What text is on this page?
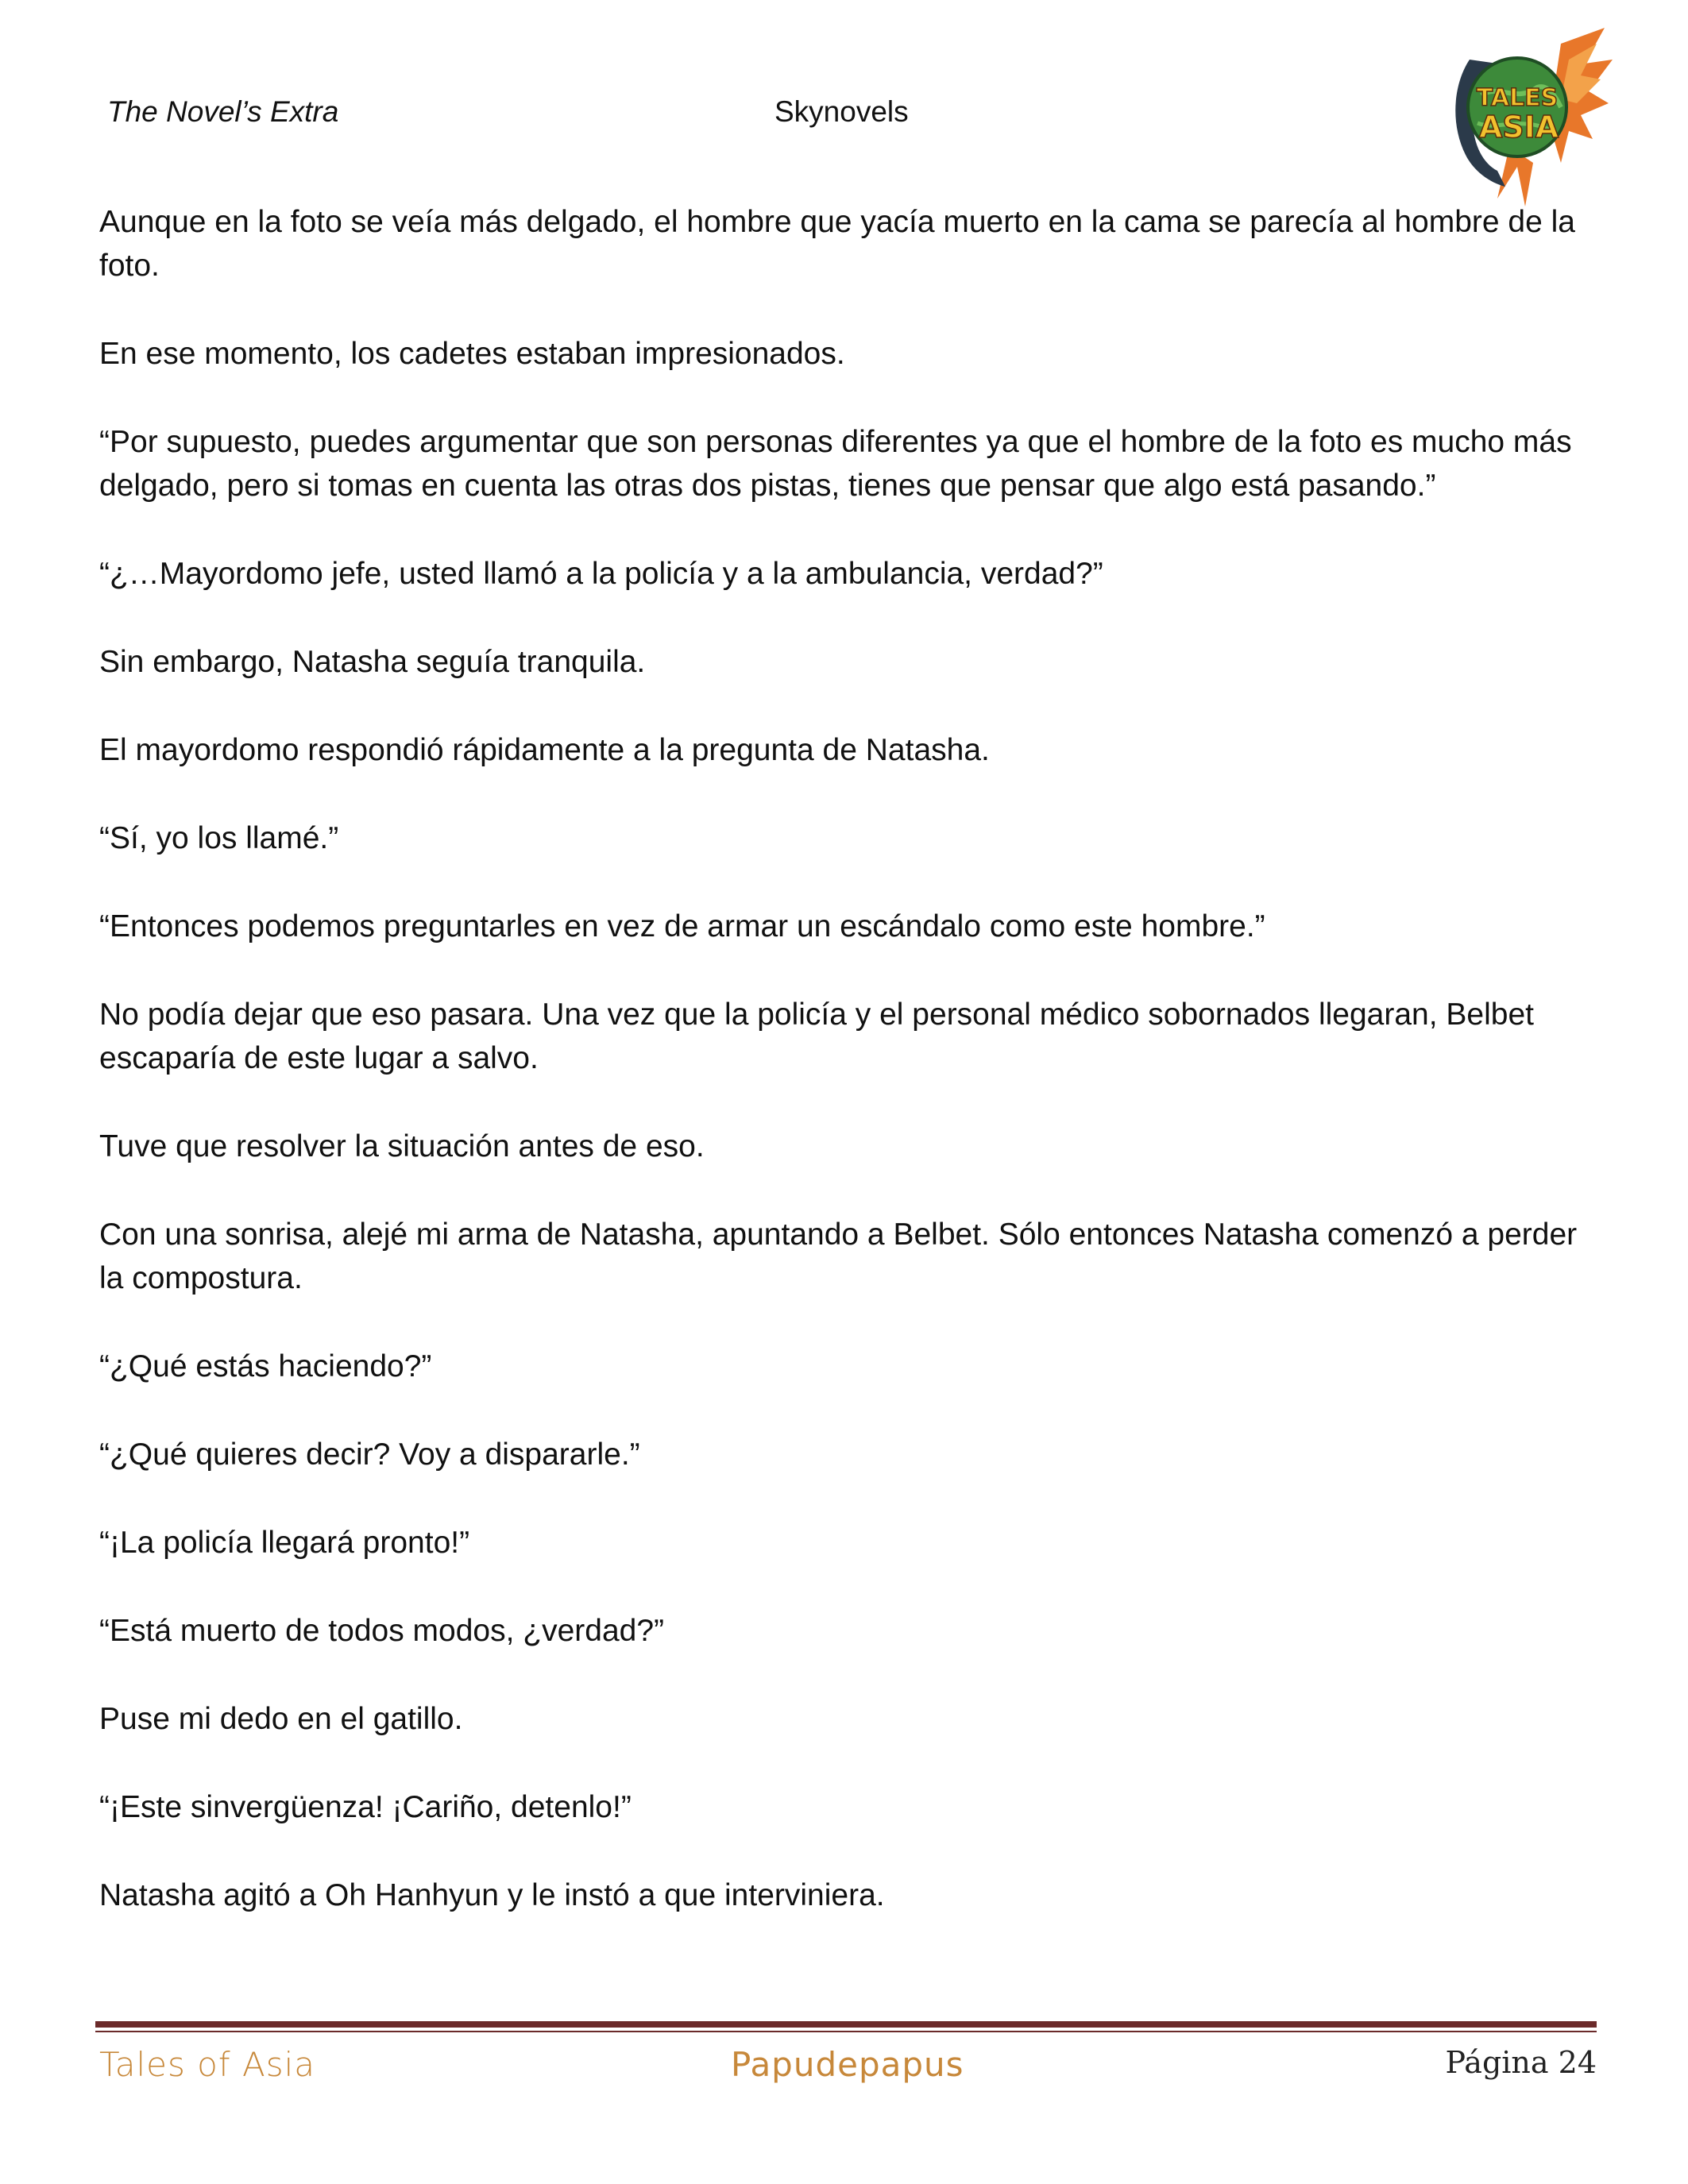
The Novel’s Extra	Skynovels	TALES
ASIA

Aunque en la foto se veía más delgado, el hombre que yacía muerto en la cama se parecía al hombre de la foto.

En ese momento, los cadetes estaban impresionados.

“Por supuesto, puedes argumentar que son personas diferentes ya que el hombre de la foto es mucho más delgado, pero si tomas en cuenta las otras dos pistas, tienes que pensar que algo está pasando.”

“¿…Mayordomo jefe, usted llamó a la policía y a la ambulancia, verdad?”

Sin embargo, Natasha seguía tranquila.

El mayordomo respondió rápidamente a la pregunta de Natasha.

“Sí, yo los llamé.”

“Entonces podemos preguntarles en vez de armar un escándalo como este hombre.”

No podía dejar que eso pasara. Una vez que la policía y el personal médico sobornados llegaran, Belbet escaparía de este lugar a salvo.

Tuve que resolver la situación antes de eso.

Con una sonrisa, alejé mi arma de Natasha, apuntando a Belbet. Sólo entonces Natasha comenzó a perder la compostura.

“¿Qué estás haciendo?”

“¿Qué quieres decir? Voy a dispararle.”

“¡La policía llegará pronto!”

“Está muerto de todos modos, ¿verdad?”

Puse mi dedo en el gatillo.

“¡Este sinvergüenza! ¡Cariño, detenlo!”

Natasha agitó a Oh Hanhyun y le instó a que interviniera.

Tales of Asia	Papudepapus	Página 24
